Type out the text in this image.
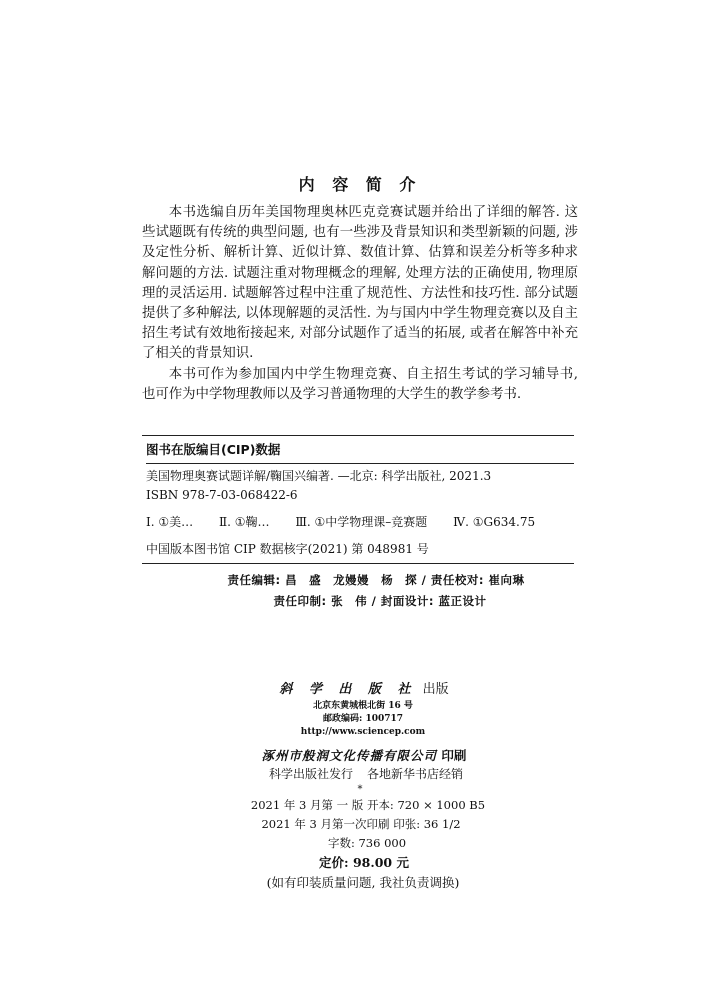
内 容 简 介

本书选编自历年美国物理奥林匹克竞赛试题并给出了详细的解答. 这些试题既有传统的典型问题, 也有一些涉及背景知识和类型新颖的问题, 涉及定性分析、解析计算、近似计算、数值计算、估算和误差分析等多种求解问题的方法. 试题注重对物理概念的理解, 处理方法的正确使用, 物理原理的灵活运用. 试题解答过程中注重了规范性、方法性和技巧性. 部分试题提供了多种解法, 以体现解题的灵活性. 为与国内中学生物理竞赛以及自主招生考试有效地衔接起来, 对部分试题作了适当的拓展, 或者在解答中补充了相关的背景知识.

本书可作为参加国内中学生物理竞赛、自主招生考试的学习辅导书, 也可作为中学物理教师以及学习普通物理的大学生的教学参考书.

图书在版编目(CIP)数据
美国物理奥赛试题详解/鞠国兴编著. —北京: 科学出版社, 2021.3
ISBN 978-7-03-068422-6
Ⅰ. ①美… Ⅱ. ①鞠… Ⅲ. ①中学物理课–竞赛题 Ⅳ. ①G634.75
中国版本图书馆 CIP 数据核字(2021) 第 048981 号
责任编辑: 昌　盛　龙嫚嫚　杨　探 / 责任校对: 崔向琳
责任印制: 张　伟 / 封面设计: 蓝正设计
斜 学 出 版 社 出版
北京东黄城根北街 16 号
邮政编码: 100717
http://www.sciencep.com
涿州市般润文化传播有限公司 印刷
科学出版社发行 各地新华书店经销
*
2021 年 3 月第 一 版 开本: 720 × 1000 B5
2021 年 3 月第一次印刷 印张: 36 1/2
字数: 736 000
定价: 98.00 元
(如有印装质量问题, 我社负责调换)
